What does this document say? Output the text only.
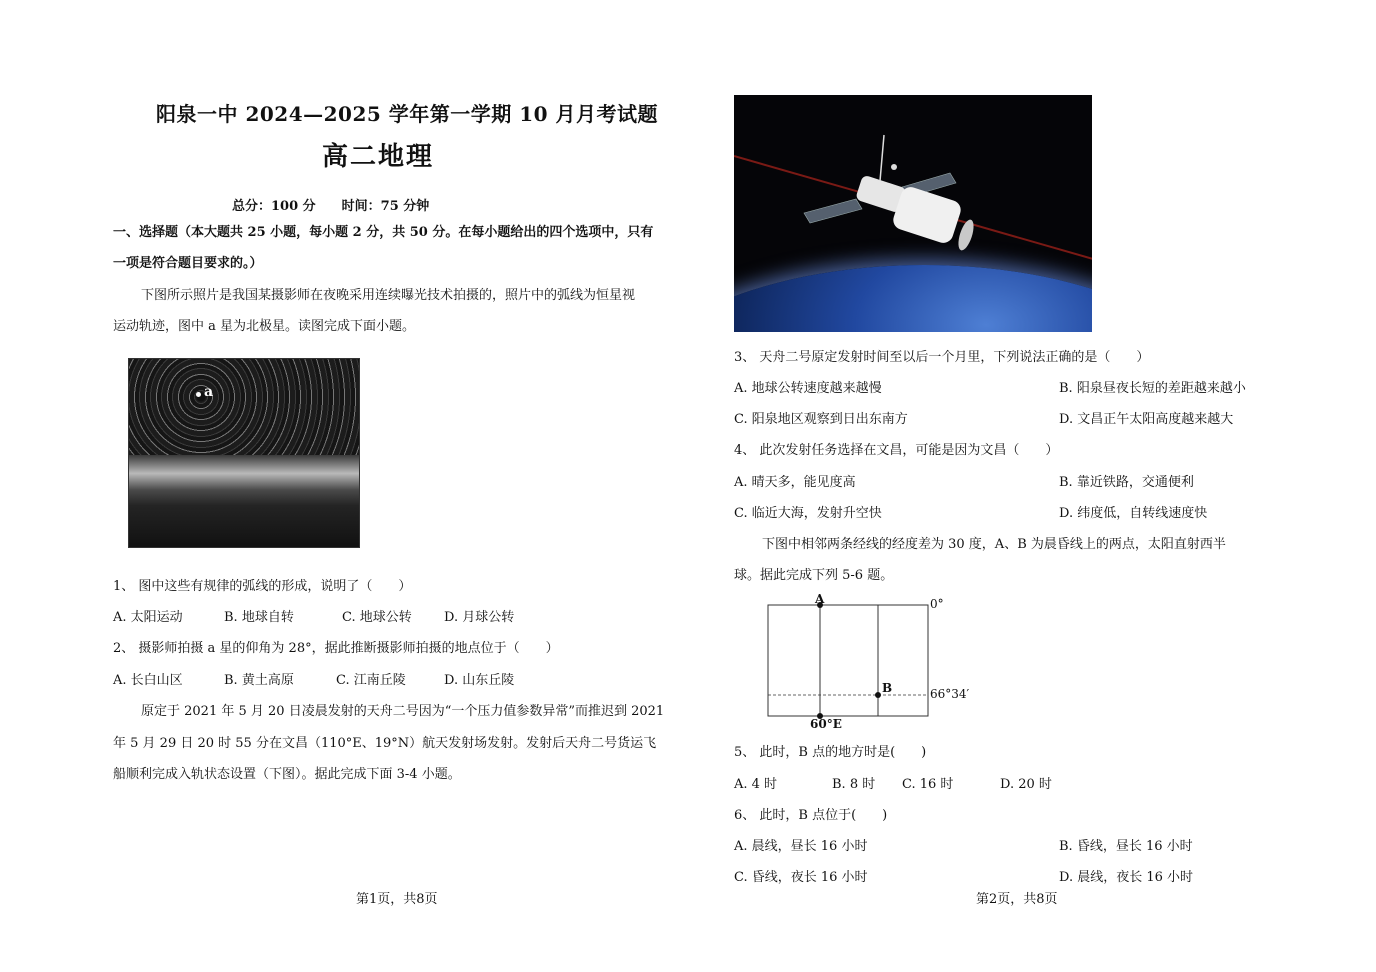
阳泉一中 2024—2025 学年第一学期 10 月月考试题
高二地理
总分：100 分　　时间：75 分钟
一、选择题（本大题共 25 小题，每小题 2 分，共 50 分。在每小题给出的四个选项中，只有
一项是符合题目要求的。）
下图所示照片是我国某摄影师在夜晚采用连续曝光技术拍摄的，照片中的弧线为恒星视
运动轨迹，图中 a 星为北极星。读图完成下面小题。
a
1、 图中这些有规律的弧线的形成，说明了（　　）
A. 太阳运动	B. 地球自转	C. 地球公转 D. 月球公转
2、 摄影师拍摄 a 星的仰角为 28°，据此推断摄影师拍摄的地点位于（　　）
A. 长白山区	B. 黄土高原	C. 江南丘陵	D. 山东丘陵
原定于 2021 年 5 月 20 日凌晨发射的天舟二号因为“一个压力值参数异常”而推迟到 2021
年 5 月 29 日 20 时 55 分在文昌（110°E、19°N）航天发射场发射。发射后天舟二号货运飞
船顺利完成入轨状态设置（下图）。据此完成下面 3-4 小题。
第1页，共8页
3、 天舟二号原定发射时间至以后一个月里，下列说法正确的是（　　）
A. 地球公转速度越来越慢	B. 阳泉昼夜长短的差距越来越小
C. 阳泉地区观察到日出东南方	D. 文昌正午太阳高度越来越大
4、 此次发射任务选择在文昌，可能是因为文昌（　　）
A. 晴天多，能见度高	B. 靠近铁路，交通便利
C. 临近大海，发射升空快	D. 纬度低，自转线速度快
下图中相邻两条经线的经度差为 30 度，A、B 为晨昏线上的两点，太阳直射西半
球。据此完成下列 5-6 题。
A
B
0°
66°34′
60°E
5、 此时，B 点的地方时是(　　)
A. 4 时	B. 8 时 C. 16 时	D. 20 时
6、 此时，B 点位于(　　)
A. 晨线，昼长 16 小时	B. 昏线，昼长 16 小时
C. 昏线，夜长 16 小时	D. 晨线，夜长 16 小时
第2页，共8页
